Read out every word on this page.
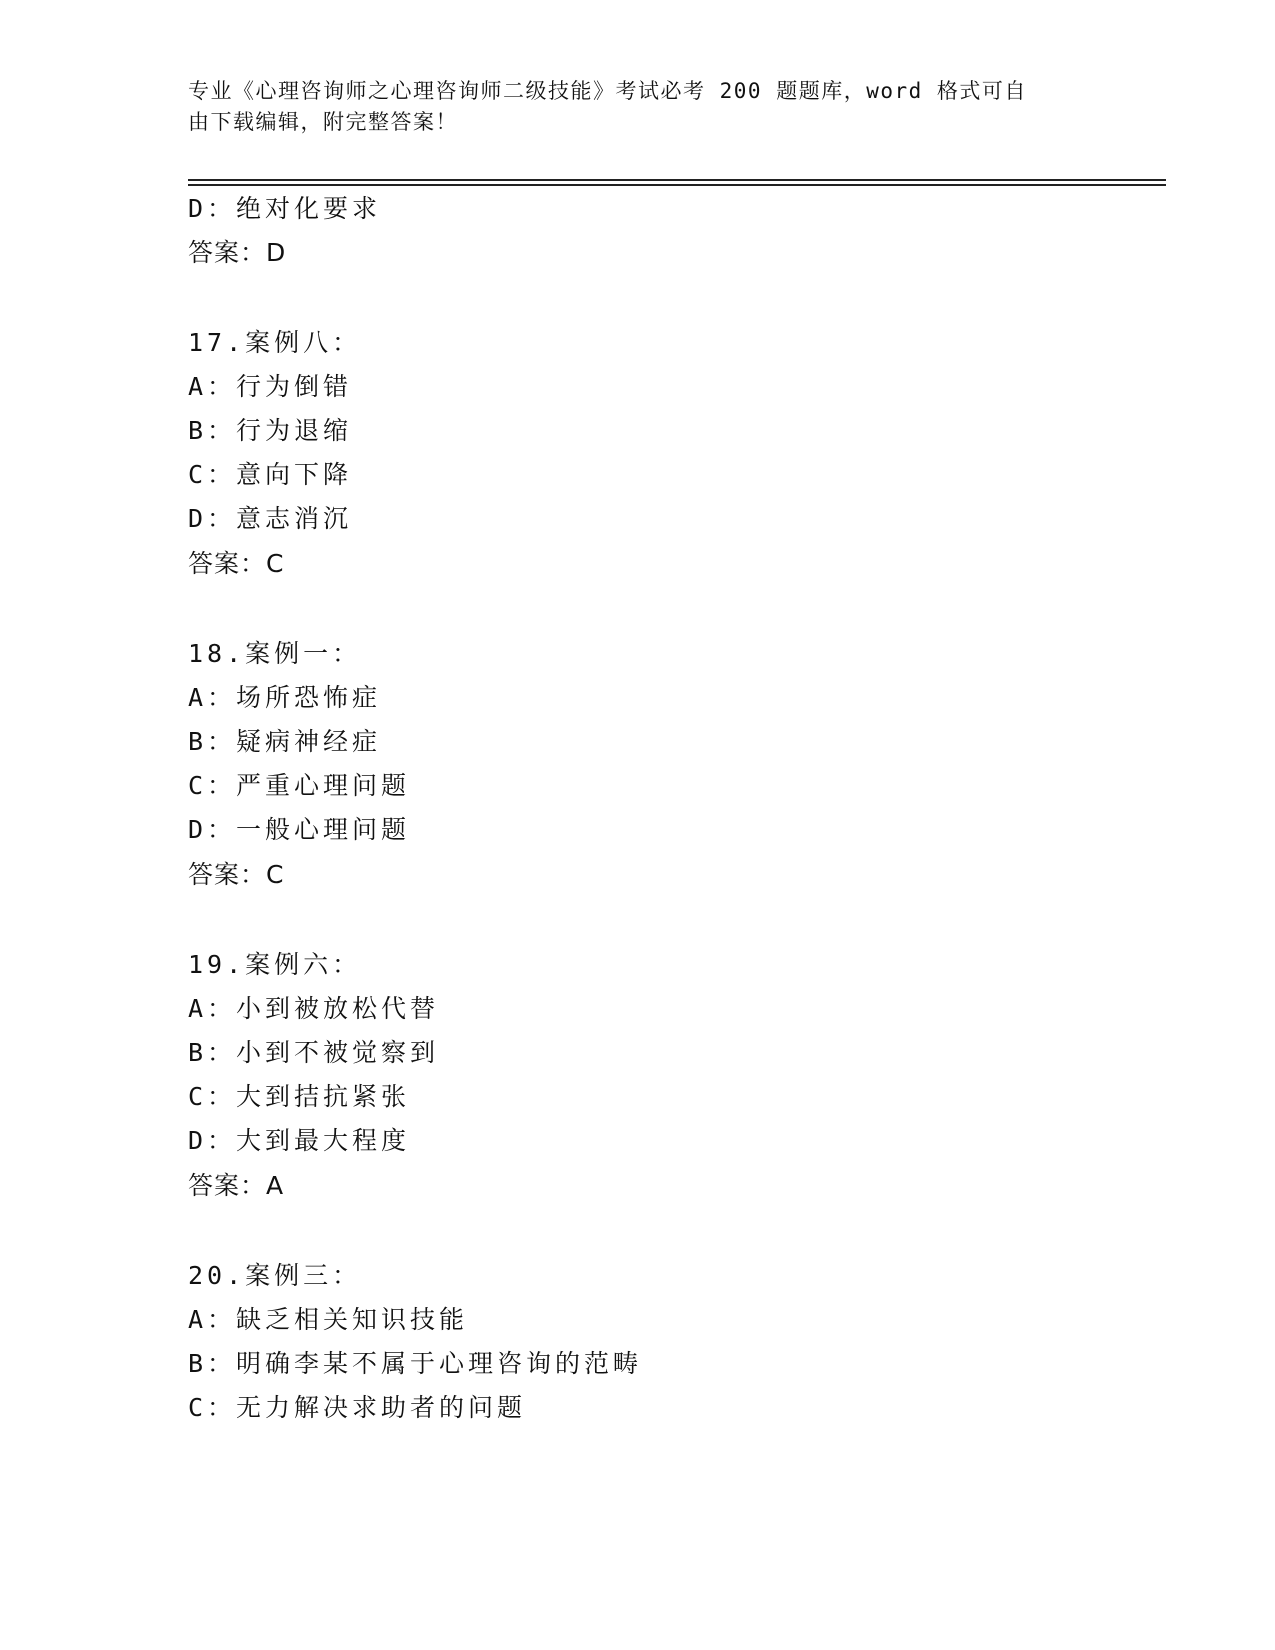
专业《心理咨询师之心理咨询师二级技能》考试必考 200 题题库，word 格式可自
由下载编辑，附完整答案！
D：绝对化要求
答案：D
17.案例八：
A：行为倒错
B：行为退缩
C：意向下降
D：意志消沉
答案：C
18.案例一：
A：场所恐怖症
B：疑病神经症
C：严重心理问题
D：一般心理问题
答案：C
19.案例六：
A：小到被放松代替
B：小到不被觉察到
C：大到拮抗紧张
D：大到最大程度
答案：A
20.案例三：
A：缺乏相关知识技能
B：明确李某不属于心理咨询的范畴
C：无力解决求助者的问题
